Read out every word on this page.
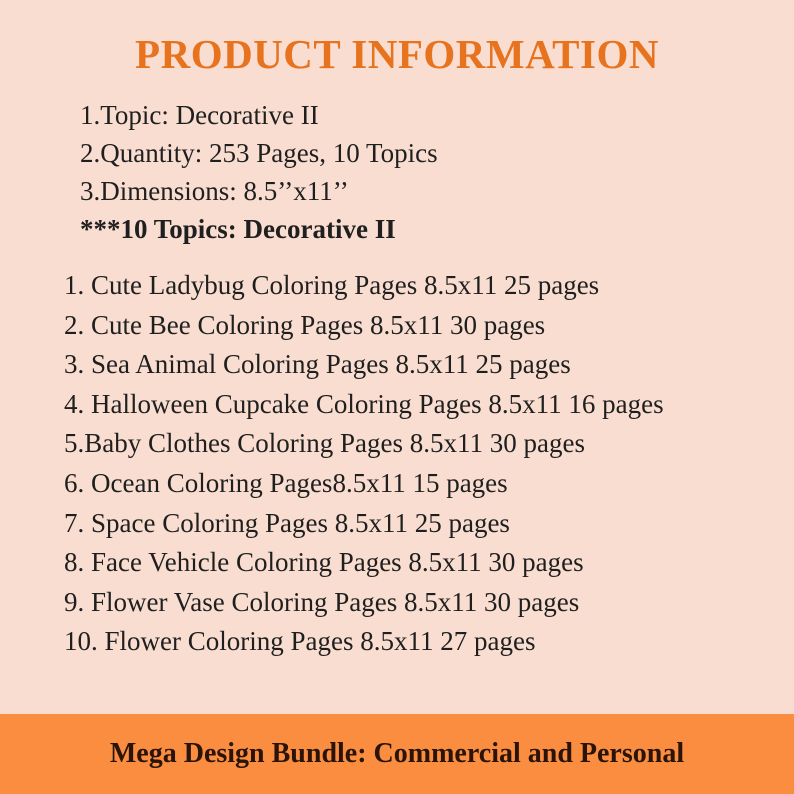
PRODUCT INFORMATION
1.Topic: Decorative II
2.Quantity: 253 Pages, 10 Topics
3.Dimensions: 8.5’’x11’’
***10 Topics: Decorative II
1. Cute Ladybug Coloring Pages 8.5x11 25 pages
2. Cute Bee Coloring Pages 8.5x11 30 pages
3. Sea Animal Coloring Pages 8.5x11 25 pages
4. Halloween Cupcake Coloring Pages 8.5x11 16 pages
5.Baby Clothes Coloring Pages 8.5x11 30 pages
6. Ocean Coloring Pages8.5x11 15 pages
7. Space Coloring Pages 8.5x11 25 pages
8. Face Vehicle Coloring Pages 8.5x11 30 pages
9. Flower Vase Coloring Pages 8.5x11 30 pages
10. Flower Coloring Pages 8.5x11 27 pages
Mega Design Bundle: Commercial and Personal
